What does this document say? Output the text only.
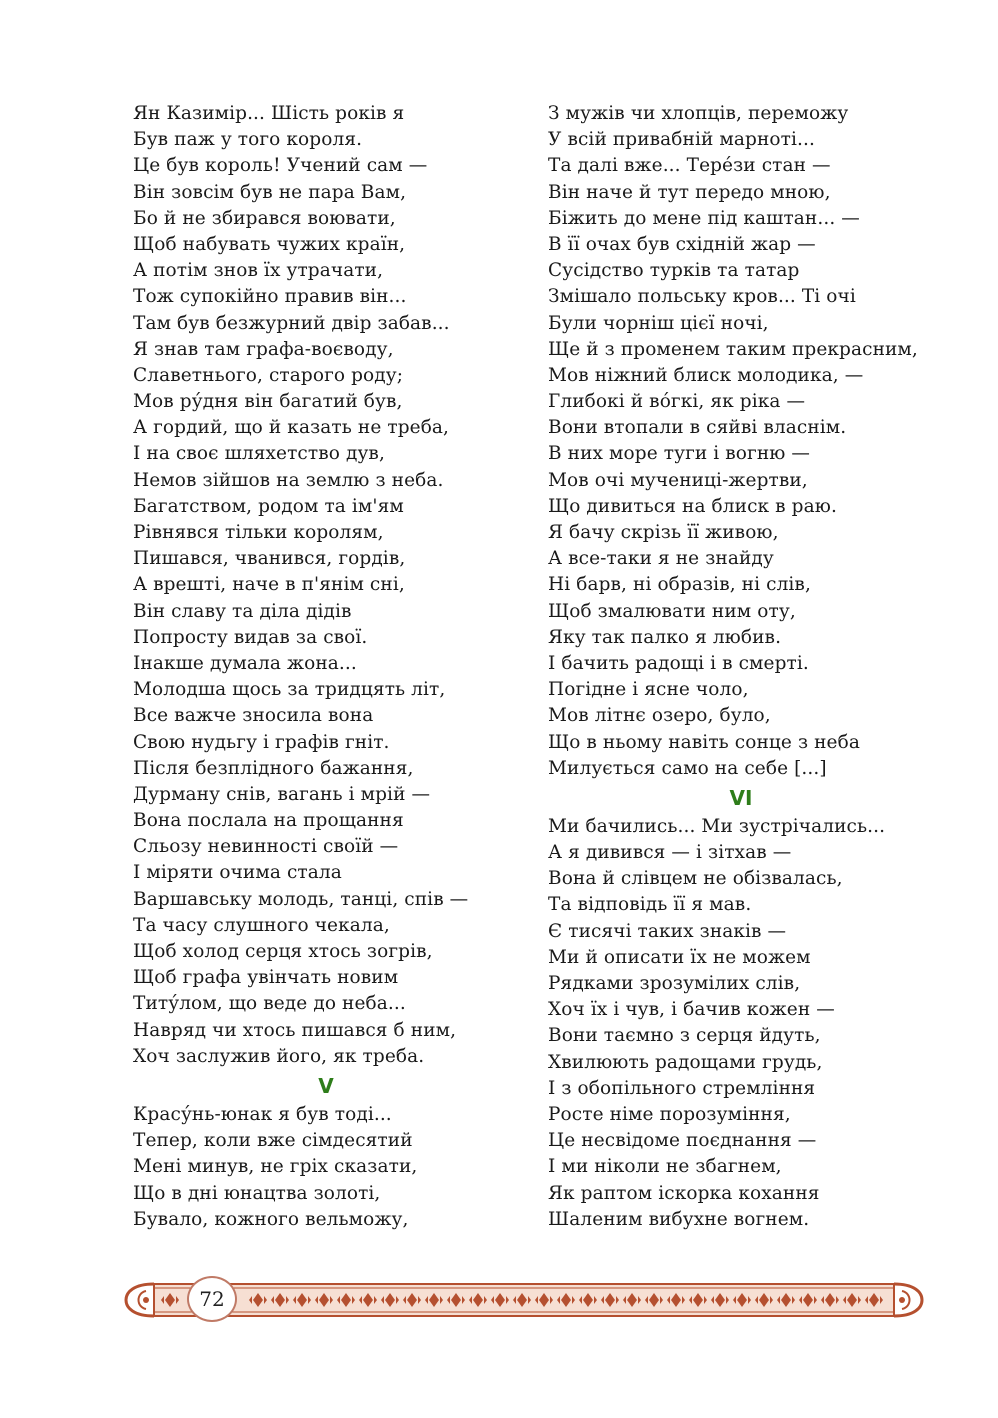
Ян Казимір... Шість років я
Був паж у того короля.
Це був король! Учений сам —
Він зовсім був не пара Вам,
Бо й не збирався воювати,
Щоб набувать чужих країн,
А потім знов їх утрачати,
Тож супокійно правив він...
Там був безжурний двір забав...
Я знав там графа-воєводу,
Славетнього, старого роду;
Мов ру́дня він багатий був,
А гордий, що й казать не треба,
І на своє шляхетство дув,
Немов зійшов на землю з неба.
Багатством, родом та ім'ям
Рівнявся тільки королям,
Пишався, чванився, гордів,
А врешті, наче в п'янім сні,
Він славу та діла дідів
Попросту видав за свої.
Інакше думала жона...
Молодша щось за тридцять літ,
Все важче зносила вона
Свою нудьгу і графів гніт.
Після безплідного бажання,
Дурману снів, вагань і мрій —
Вона послала на прощання
Сльозу невинності своїй —
І міряти очима стала
Варшавську молодь, танці, спів —
Та часу слушного чекала,
Щоб холод серця хтось зогрів,
Щоб графа увінчать новим
Титу́лом, що веде до неба...
Навряд чи хтось пишався б ним,
Хоч заслужив його, як треба.
V
Красу́нь-юнак я був тоді...
Тепер, коли вже сімдесятий
Мені минув, не гріх сказати,
Що в дні юнацтва золоті,
Бувало, кожного вельможу,
З мужів чи хлопців, переможу
У всій привабній марноті...
Та далі вже... Тере́зи стан —
Він наче й тут передо мною,
Біжить до мене під каштан... —
В її очах був східній жар —
Сусідство турків та татар
Змішало польську кров... Ті очі
Були чорніш цієї ночі,
Ще й з променем таким прекрасним,
Мов ніжний блиск молодика, —
Глибокі й во́гкі, як ріка —
Вони втопали в сяйві власнім.
В них море туги і вогню —
Мов очі мучениці-жертви,
Що дивиться на блиск в раю.
Я бачу скрізь її живою,
А все-таки я не знайду
Ні барв, ні образів, ні слів,
Щоб змалювати ним оту,
Яку так палко я любив.
І бачить радощі і в смерті.
Погідне і ясне чоло,
Мов літнє озеро, було,
Що в ньому навіть сонце з неба
Милується само на себе [...]
VI
Ми бачились... Ми зустрічались...
А я дивився — і зітхав —
Вона й слівцем не обізвалась,
Та відповідь її я мав.
Є тисячі таких знаків —
Ми й описати їх не можем
Рядками зрозумілих слів,
Хоч їх і чув, і бачив кожен —
Вони таємно з серця йдуть,
Хвилюють радощами грудь,
І з обопільного стремління
Росте німе порозуміння,
Це несвідоме поєднання —
І ми ніколи не збагнем,
Як раптом іскорка кохання
Шаленим вибухне вогнем.
72
